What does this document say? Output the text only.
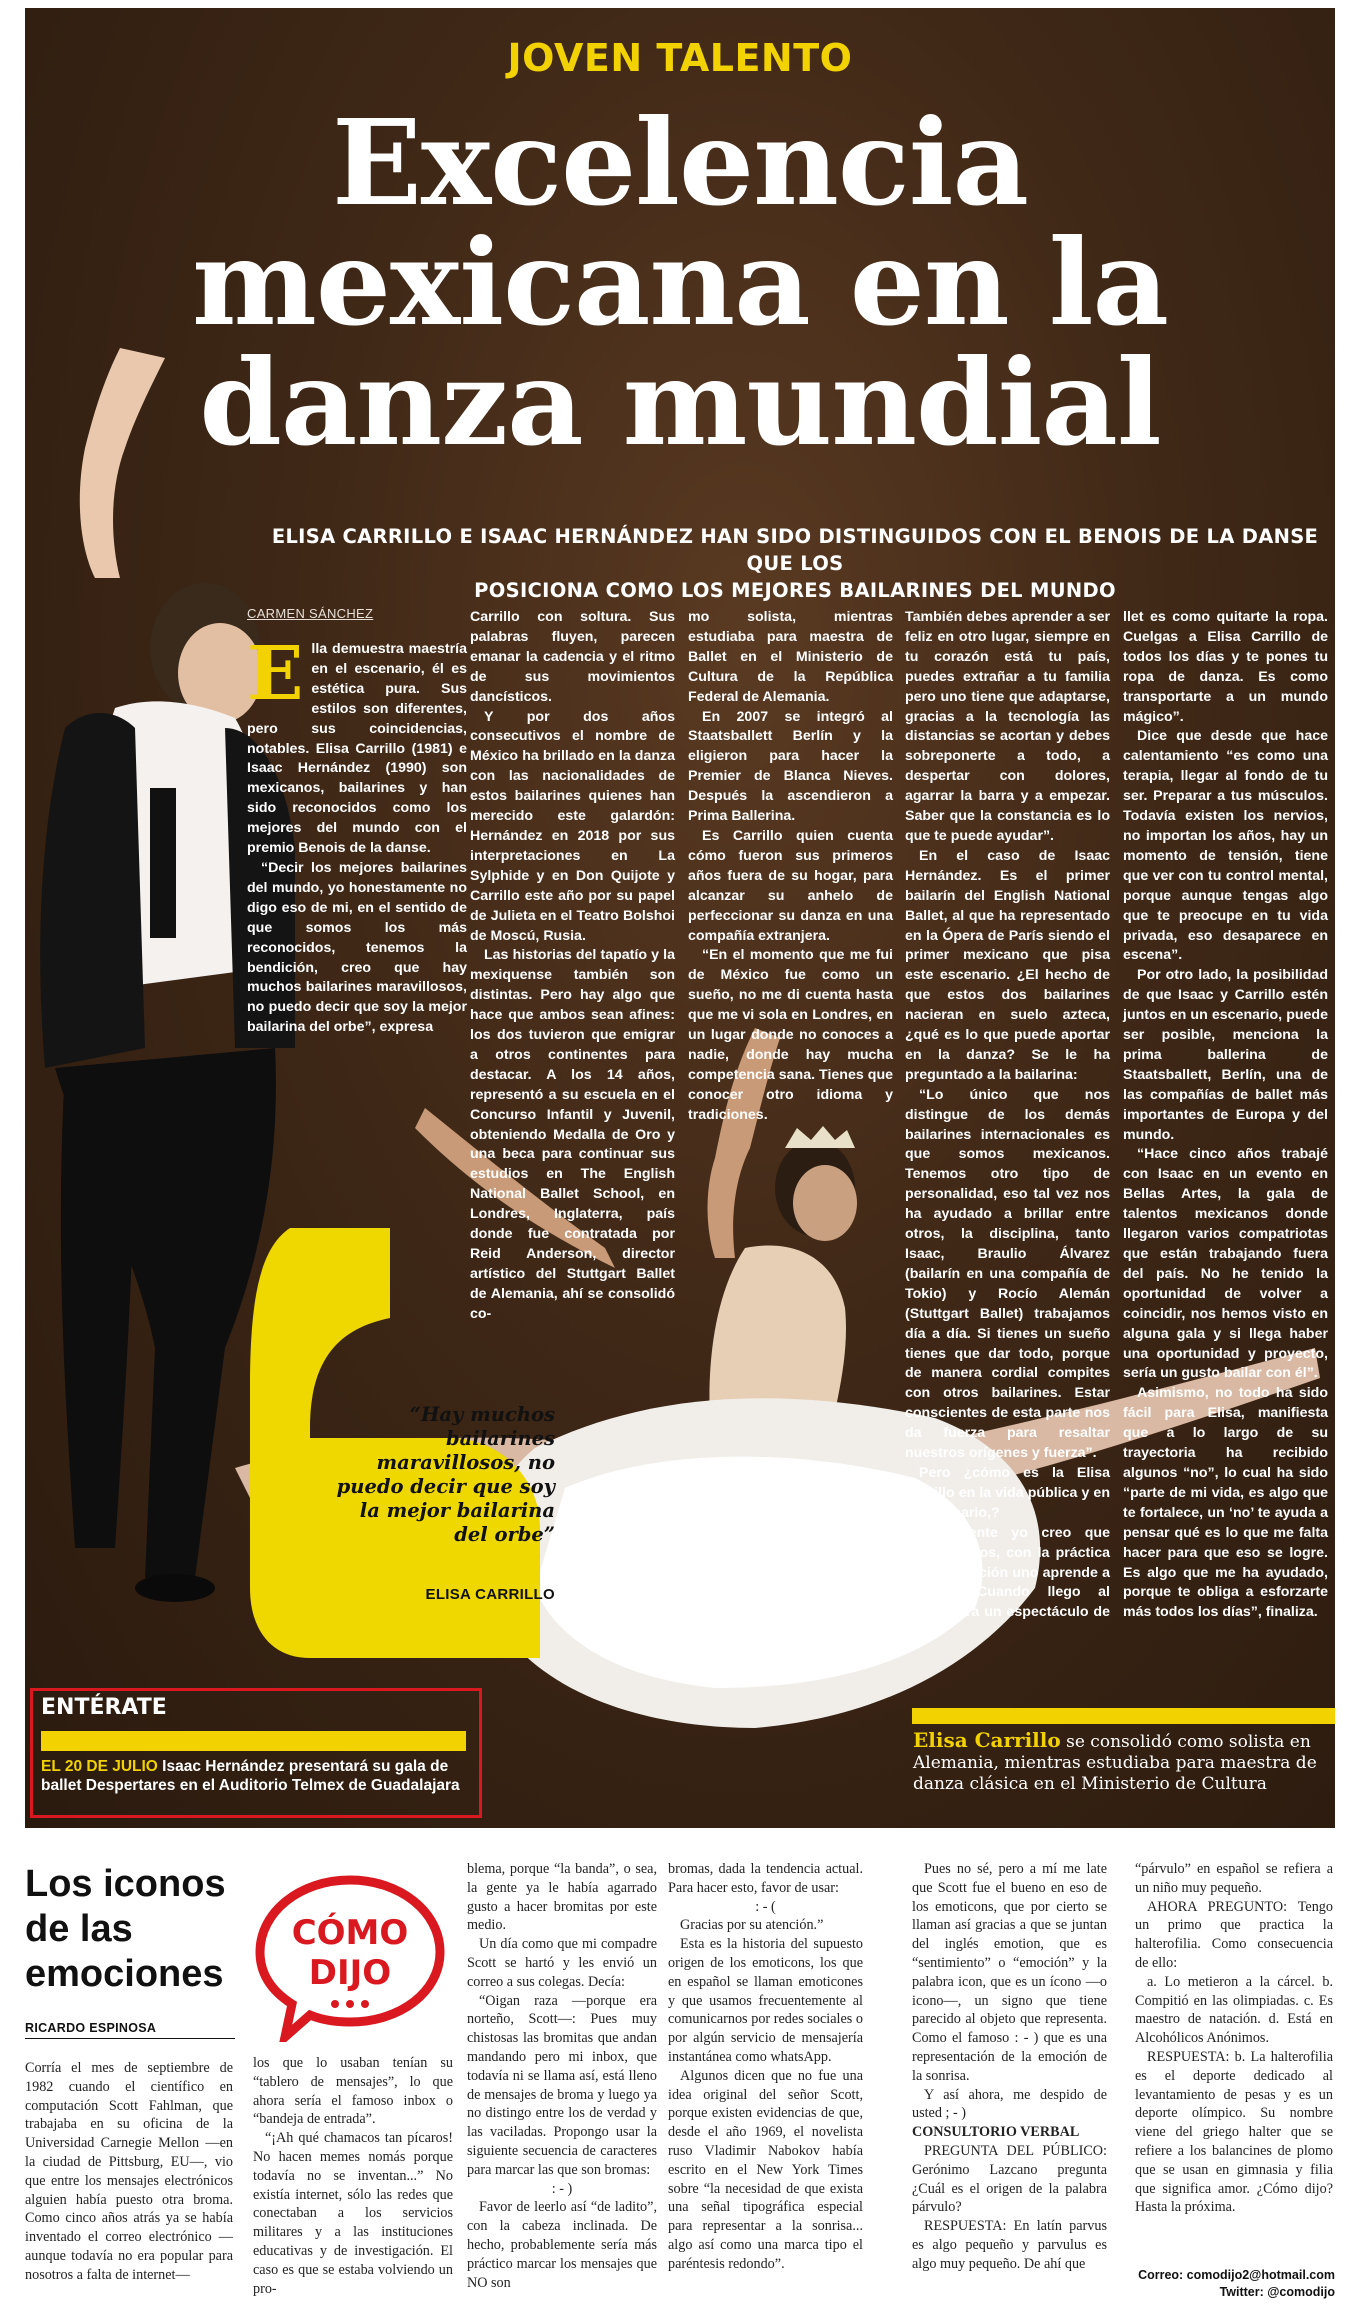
JOVEN TALENTO
Excelencia
mexicana en la
danza mundial
ELISA CARRILLO E ISAAC HERNÁNDEZ HAN SIDO DISTINGUIDOS CON EL BENOIS DE LA DANSE QUE LOS
POSICIONA COMO LOS MEJORES BAILARINES DEL MUNDO
CARMEN SÁNCHEZ

Ella demuestra maestría en el escenario, él es estética pura. Sus estilos son diferentes, pero sus coincidencias, notables. Elisa Carrillo (1981) e Isaac Hernández (1990) son mexicanos, bailarines y han sido reconocidos como los mejores del mundo con el premio Benois de la danse.

“Decir los mejores bailarines del mundo, yo honestamente no digo eso de mi, en el sentido de que somos los más reconocidos, tenemos la bendición, creo que hay muchos bailarines maravillosos, no puedo decir que soy la mejor bailarina del orbe”, expresa

Carrillo con soltura. Sus palabras fluyen, parecen emanar la cadencia y el ritmo de sus movimientos dancísticos.

Y por dos años consecutivos el nombre de México ha brillado en la danza con las nacionalidades de estos bailarines quienes han merecido este galardón: Hernández en 2018 por sus interpretaciones en La Sylphide y en Don Quijote y Carrillo este año por su papel de Julieta en el Teatro Bolshoi de Moscú, Rusia.

Las historias del tapatío y la mexiquense también son distintas. Pero hay algo que hace que ambos sean afines: los dos tuvieron que emigrar a otros continentes para destacar. A los 14 años, representó a su escuela en el Concurso Infantil y Juvenil, obteniendo Medalla de Oro y una beca para continuar sus estudios en The English National Ballet School, en Londres, Inglaterra, país donde fue contratada por Reid Anderson, director artístico del Stuttgart Ballet de Alemania, ahí se consolidó co-

mo solista, mientras estudiaba para maestra de Ballet en el Ministerio de Cultura de la República Federal de Alemania.

En 2007 se integró al Staatsballett Berlín y la eligieron para hacer la Premier de Blanca Nieves. Después la ascendieron a Prima Ballerina.

Es Carrillo quien cuenta cómo fueron sus primeros años fuera de su hogar, para alcanzar su anhelo de perfeccionar su danza en una compañía extranjera.

“En el momento que me fui de México fue como un sueño, no me di cuenta hasta que me vi sola en Londres, en un lugar donde no conoces a nadie, donde hay mucha competencia sana. Tienes que conocer otro idioma y tradiciones.

También debes aprender a ser feliz en otro lugar, siempre en tu corazón está tu país, puedes extrañar a tu familia pero uno tiene que adaptarse, gracias a la tecnología las distancias se acortan y debes sobreponerte a todo, a despertar con dolores, agarrar la barra y a empezar. Saber que la constancia es lo que te puede ayudar”.

En el caso de Isaac Hernández. Es el primer bailarín del English National Ballet, al que ha representado en la Ópera de París siendo el primer mexicano que pisa este escenario. ¿El hecho de que estos dos bailarines nacieran en suelo azteca, ¿qué es lo que puede aportar en la danza? Se le ha preguntado a la bailarina:

“Lo único que nos distingue de los demás bailarines internacionales es que somos mexicanos. Tenemos otro tipo de personalidad, eso tal vez nos ha ayudado a brillar entre otros, la disciplina, tanto Isaac, Braulio Álvarez (bailarín en una compañía de Tokio) y Rocío Alemán (Stuttgart Ballet) trabajamos día a día. Si tienes un sueño tienes que dar todo, porque de manera cordial compites con otros bailarines. Estar conscientes de esta parte nos da fuerza para resaltar nuestros orígenes y fuerza”.

Pero ¿cómo es la Elisa Carrillo en la vida pública y en el escenario,?

“Realmente yo creo que con los años, con la práctica y la meditación uno aprende a separar. Cuando llego al teatro para un espectáculo de ba-

llet es como quitarte la ropa. Cuelgas a Elisa Carrillo de todos los días y te pones tu ropa de danza. Es como transportarte a un mundo mágico”.

Dice que desde que hace calentamiento “es como una terapia, llegar al fondo de tu ser. Preparar a tus músculos. Todavía existen los nervios, no importan los años, hay un momento de tensión, tiene que ver con tu control mental, porque aunque tengas algo que te preocupe en tu vida privada, eso desaparece en escena”.

Por otro lado, la posibilidad de que Isaac y Carrillo estén juntos en un escenario, puede ser posible, menciona la prima ballerina de Staatsballett, Berlín, una de las compañías de ballet más importantes de Europa y del mundo.

“Hace cinco años trabajé con Isaac en un evento en Bellas Artes, la gala de talentos mexicanos donde llegaron varios compatriotas que están trabajando fuera del país. No he tenido la oportunidad de volver a coincidir, nos hemos visto en alguna gala y si llega haber una oportunidad y proyecto, sería un gusto bailar con él”.

Asimismo, no todo ha sido fácil para Elisa, manifiesta que a lo largo de su trayectoria ha recibido algunos “no”, lo cual ha sido “parte de mi vida, es algo que te fortalece, un ‘no’ te ayuda a pensar qué es lo que me falta hacer para que eso se logre. Es algo que me ha ayudado, porque te obliga a esforzarte más todos los días”, finaliza.

“Hay muchos bailarines maravillosos, no puedo decir que soy la mejor bailarina del orbe”
ELISA CARRILLO
ENTÉRATE
EL 20 DE JULIO Isaac Hernández presentará su gala de ballet Despertares en el Auditorio Telmex de Guadalajara
Elisa Carrillo se consolidó como solista en Alemania, mientras estudiaba para maestra de danza clásica en el Ministerio de Cultura
Los iconos de las emociones
RICARDO ESPINOSA
CÓMO
DIJO

Corría el mes de septiembre de 1982 cuando el científico en computación Scott Fahlman, que trabajaba en su oficina de la Universidad Carnegie Mellon —en la ciudad de Pittsburg, EU—, vio que entre los mensajes electrónicos alguien había puesto otra broma. Como cinco años atrás ya se había inventado el correo electrónico —aunque todavía no era popular para nosotros a falta de internet—

los que lo usaban tenían su “tablero de mensajes”, lo que ahora sería el famoso inbox o “bandeja de entrada”.

“¡Ah qué chamacos tan pícaros! No hacen memes nomás porque todavía no se inventan...” No existía internet, sólo las redes que conectaban a los servicios militares y a las instituciones educativas y de investigación. El caso es que se estaba volviendo un pro-

blema, porque “la banda”, o sea, la gente ya le había agarrado gusto a hacer bromitas por este medio.

Un día como que mi compadre Scott se hartó y les envió un correo a sus colegas. Decía:

“Oigan raza —porque era norteño, Scott—: Pues muy chistosas las bromitas que andan mandando pero mi inbox, que todavía ni se llama así, está lleno de mensajes de broma y luego ya no distingo entre los de verdad y las vaciladas. Propongo usar la siguiente secuencia de caracteres para marcar las que son bromas:

: - )

Favor de leerlo así “de ladito”, con la cabeza inclinada. De hecho, probablemente sería más práctico marcar los mensajes que NO son

bromas, dada la tendencia actual. Para hacer esto, favor de usar:

: - (

Gracias por su atención.”

Esta es la historia del supuesto origen de los emoticons, los que en español se llaman emoticones y que usamos frecuentemente al comunicarnos por redes sociales o por algún servicio de mensajería instantánea como whatsApp.

Algunos dicen que no fue una idea original del señor Scott, porque existen evidencias de que, desde el año 1969, el novelista ruso Vladimir Nabokov había escrito en el New York Times sobre “la necesidad de que exista una señal tipográfica especial para representar a la sonrisa... algo así como una marca tipo el paréntesis redondo”.

Pues no sé, pero a mí me late que Scott fue el bueno en eso de los emoticons, que por cierto se llaman así gracias a que se juntan del inglés emotion, que es “sentimiento” o “emoción” y la palabra icon, que es un ícono —o icono—, un signo que tiene parecido al objeto que representa. Como el famoso : - ) que es una representación de la emoción de la sonrisa.

Y así ahora, me despido de usted ; - )

CONSULTORIO VERBAL

PREGUNTA DEL PÚBLICO: Gerónimo Lazcano pregunta ¿Cuál es el origen de la palabra párvulo?

RESPUESTA: En latín parvus es algo pequeño y parvulus es algo muy pequeño. De ahí que

“párvulo” en español se refiera a un niño muy pequeño.

AHORA PREGUNTO: Tengo un primo que practica la halterofilia. Como consecuencia de ello:

a. Lo metieron a la cárcel. b. Compitió en las olimpiadas. c. Es maestro de natación. d. Está en Alcohólicos Anónimos.

RESPUESTA: b. La halterofilia es el deporte dedicado al levantamiento de pesas y es un deporte olímpico. Su nombre viene del griego halter que se refiere a los balancines de plomo que se usan en gimnasia y filia que significa amor. ¿Cómo dijo? Hasta la próxima.

Correo: comodijo2@hotmail.com
Twitter: @comodijo
